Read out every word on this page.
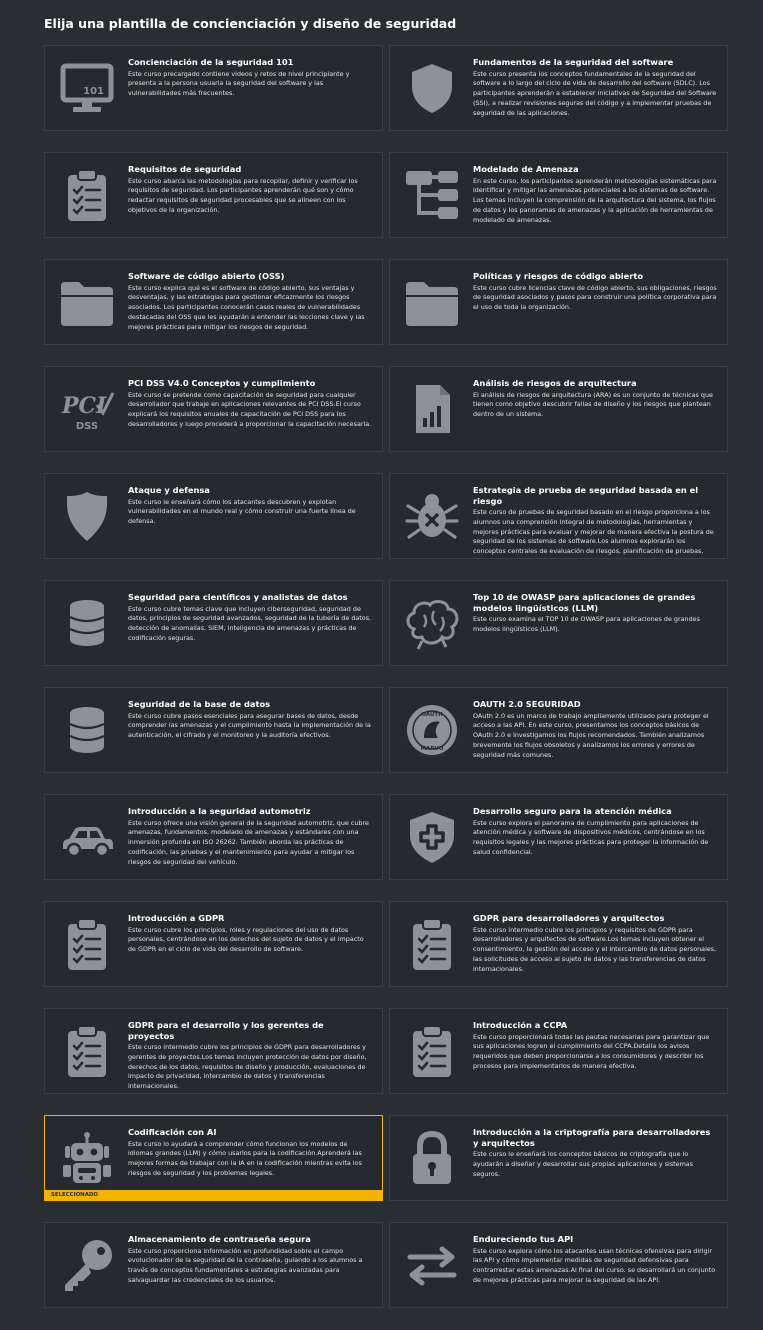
Elija una plantilla de concienciación y diseño de seguridad
101
Concienciación de la seguridad 101
Este curso precargado contiene videos y retos de nivel principiante y presenta a la persona usuaria la seguridad del software y las vulnerabilidades más frecuentes.
Fundamentos de la seguridad del software
Este curso presenta los conceptos fundamentales de la seguridad del software a lo largo del ciclo de vida de desarrollo del software (SDLC). Los participantes aprenderán a establecer iniciativas de Seguridad del Software (SSI), a realizar revisiones seguras del código y a implementar pruebas de seguridad de las aplicaciones.
Requisitos de seguridad
Este curso abarca las metodologías para recopilar, definir y verificar los requisitos de seguridad. Los participantes aprenderán qué son y cómo redactar requisitos de seguridad procesables que se alineen con los objetivos de la organización.
Modelado de Amenaza
En este curso, los participantes aprenderán metodologías sistemáticas para identificar y mitigar las amenazas potenciales a los sistemas de software. Los temas incluyen la comprensión de la arquitectura del sistema, los flujos de datos y los panoramas de amenazas y la aplicación de herramientas de modelado de amenazas.
Software de código abierto (OSS)
Este curso explica qué es el software de código abierto, sus ventajas y desventajas, y las estrategias para gestionar eficazmente los riesgos asociados. Los participantes conocerán casos reales de vulnerabilidades destacadas del OSS que les ayudarán a entender las lecciones clave y las mejores prácticas para mitigar los riesgos de seguridad.
Políticas y riesgos de código abierto
Este curso cubre licencias clave de código abierto, sus obligaciones, riesgos de seguridad asociados y pasos para construir una política corporativa para el uso de toda la organización.
PCI
DSS
PCI DSS V4.0 Conceptos y cumplimiento
Este curso se pretende como capacitación de seguridad para cualquier desarrollador que trabaje en aplicaciones relevantes de PCI DSS.El curso explicará los requisitos anuales de capacitación de PCI DSS para los desarrolladores y luego procederá a proporcionar la capacitación necesaria.
Análisis de riesgos de arquitectura
El análisis de riesgos de arquitectura (ARA) es un conjunto de técnicas que tienen como objetivo descubrir fallas de diseño y los riesgos que plantean dentro de un sistema.
Ataque y defensa
Este curso le enseñará cómo los atacantes descubren y explotan vulnerabilidades en el mundo real y cómo construir una fuerte línea de defensa.
Estrategia de prueba de seguridad basada en el riesgo
Este curso de pruebas de seguridad basado en el riesgo proporciona a los alumnos una comprensión integral de metodologías, herramientas y mejores prácticas para evaluar y mejorar de manera efectiva la postura de seguridad de los sistemas de software.Los alumnos explorarán los conceptos centrales de evaluación de riesgos, planificación de pruebas,
Seguridad para científicos y analistas de datos
Este curso cubre temas clave que incluyen ciberseguridad, seguridad de datos, principios de seguridad avanzados, seguridad de la tubería de datos, detección de anomalías, SIEM, inteligencia de amenazas y prácticas de codificación seguras.
Top 10 de OWASP para aplicaciones de grandes modelos lingüísticos (LLM)
Este curso examina el TOP 10 de OWASP para aplicaciones de grandes modelos lingüísticos (LLM).
Seguridad de la base de datos
Este curso cubre pasos esenciales para asegurar bases de datos, desde comprender las amenazas y el cumplimiento hasta la implementación de la autenticación, el cifrado y el monitoreo y la auditoría efectivos.
OAUTH
MARVO
OAUTH 2.0 SEGURIDAD
OAuth 2.0 es un marco de trabajo ampliamente utilizado para proteger el acceso a las API. En este curso, presentamos los conceptos básicos de OAuth 2.0 e investigamos los flujos recomendados. También analizamos brevemente los flujos obsoletos y analizamos los errores y errores de seguridad más comunes.
Introducción a la seguridad automotriz
Este curso ofrece una visión general de la seguridad automotriz, que cubre amenazas, fundamentos, modelado de amenazas y estándares con una inmersión profunda en ISO 26262. También aborda las prácticas de codificación, las pruebas y el mantenimiento para ayudar a mitigar los riesgos de seguridad del vehículo.
Desarrollo seguro para la atención médica
Este curso explora el panorama de cumplimiento para aplicaciones de atención médica y software de dispositivos médicos, centrándose en los requisitos legales y las mejores prácticas para proteger la información de salud confidencial.
Introducción a GDPR
Este curso cubre los principios, roles y regulaciones del uso de datos personales, centrándose en los derechos del sujeto de datos y el impacto de GDPR en el ciclo de vida del desarrollo de software.
GDPR para desarrolladores y arquitectos
Este curso intermedio cubre los principios y requisitos de GDPR para desarrolladores y arquitectos de software.Los temas incluyen obtener el consentimiento, la gestión del acceso y el intercambio de datos personales, las solicitudes de acceso al sujeto de datos y las transferencias de datos internacionales.
GDPR para el desarrollo y los gerentes de proyectos
Este curso intermedio cubre los principios de GDPR para desarrolladores y gerentes de proyectos.Los temas incluyen protección de datos por diseño, derechos de los datos, requisitos de diseño y producción, evaluaciones de impacto de privacidad, intercambio de datos y transferencias internacionales.
Introducción a CCPA
Este curso proporcionará todas las pautas necesarias para garantizar que sus aplicaciones logren el cumplimiento del CCPA.Detalla los avisos requeridos que deben proporcionarse a los consumidores y describir los procesos para implementarlos de manera efectiva.
Codificación con AI
Este curso lo ayudará a comprender cómo funcionan los modelos de idiomas grandes (LLM) y cómo usarlos para la codificación.Aprenderá las mejores formas de trabajar con la IA en la codificación mientras evita los riesgos de seguridad y los problemas legales.
SELECCIONADO
Introducción a la criptografía para desarrolladores y arquitectos
Este curso le enseñará los conceptos básicos de criptografía que lo ayudarán a diseñar y desarrollar sus propias aplicaciones y sistemas seguros.
Almacenamiento de contraseña segura
Este curso proporciona información en profundidad sobre el campo evolucionador de la seguridad de la contraseña, guiando a los alumnos a través de conceptos fundamentales a estrategias avanzadas para salvaguardar las credenciales de los usuarios.
Endureciendo tus API
Este curso explora cómo los atacantes usan técnicas ofensivas para dirigir las API y cómo implementar medidas de seguridad defensivas para contrarrestar estas amenazas.Al final del curso. se desarrollará un conjunto de mejores prácticas para mejorar la seguridad de las API.
